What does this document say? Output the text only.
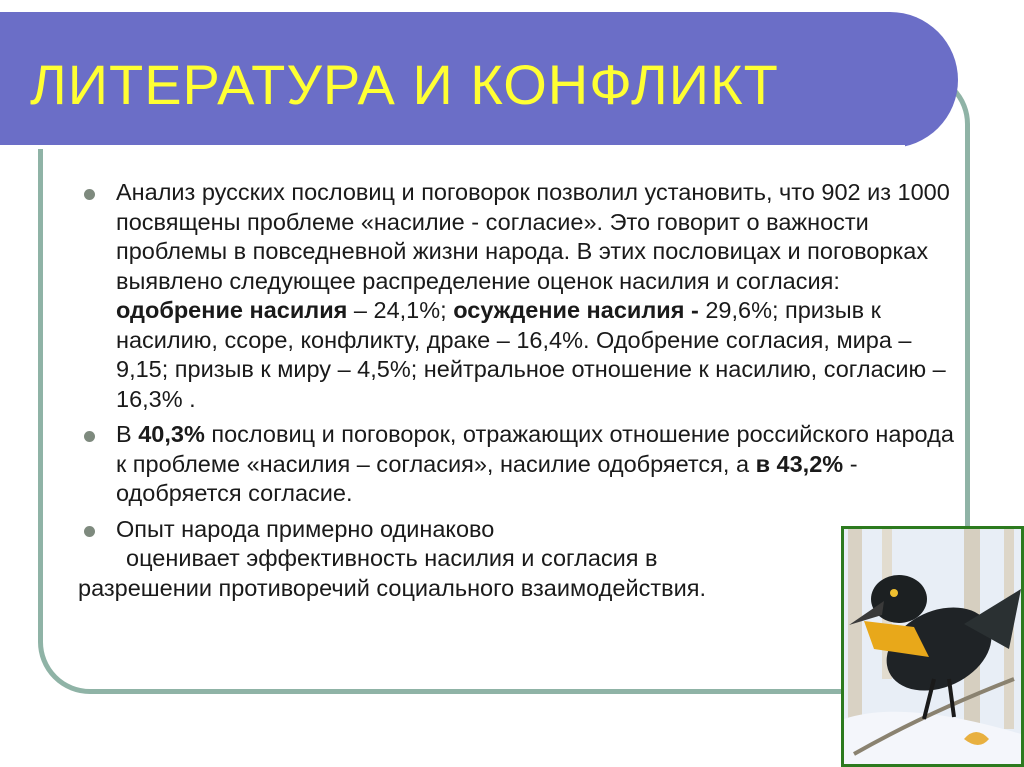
ЛИТЕРАТУРА И КОНФЛИКТ
Анализ русских пословиц и поговорок позволил установить, что 902 из 1000 посвящены проблеме «насилие - согласие». Это говорит о важности проблемы в повседневной жизни народа. В этих пословицах и поговорках выявлено следующее распределение оценок насилия и согласия: одобрение насилия – 24,1%; осуждение насилия - 29,6%; призыв к насилию, ссоре, конфликту, драке – 16,4%. Одобрение согласия, мира – 9,15; призыв к миру – 4,5%; нейтральное отношение к насилию, согласию – 16,3% .
В 40,3% пословиц и поговорок, отражающих отношение российского народа к проблеме «насилия – согласия», насилие одобряется, а в 43,2% - одобряется согласие.
Опыт народа примерно одинаково
оценивает эффективность насилия и согласия в
разрешении противоречий социального взаимодействия.
